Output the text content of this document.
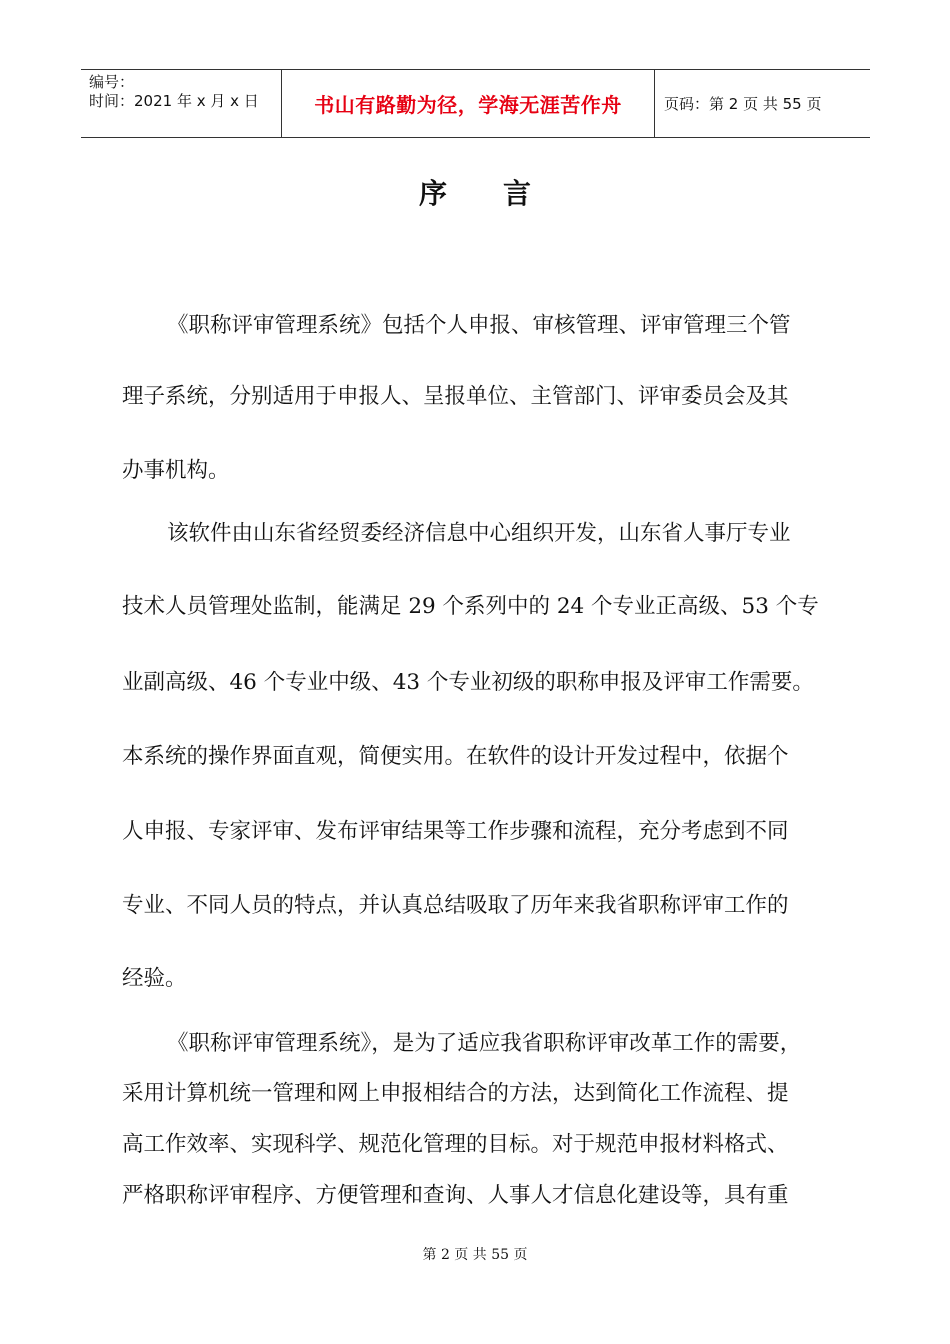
编号：
时间：2021 年 x 月 x 日	书山有路勤为径，学海无涯苦作舟	页码：第 2 页 共 55 页
序言
《职称评审管理系统》包括个人申报、审核管理、评审管理三个管
理子系统，分别适用于申报人、呈报单位、主管部门、评审委员会及其
办事机构。
该软件由山东省经贸委经济信息中心组织开发，山东省人事厅专业
技术人员管理处监制，能满足 29 个系列中的 24 个专业正高级、53 个专
业副高级、46 个专业中级、43 个专业初级的职称申报及评审工作需要。
本系统的操作界面直观，简便实用。在软件的设计开发过程中，依据个
人申报、专家评审、发布评审结果等工作步骤和流程，充分考虑到不同
专业、不同人员的特点，并认真总结吸取了历年来我省职称评审工作的
经验。
《职称评审管理系统》，是为了适应我省职称评审改革工作的需要，
采用计算机统一管理和网上申报相结合的方法，达到简化工作流程、提
高工作效率、实现科学、规范化管理的目标。对于规范申报材料格式、
严格职称评审程序、方便管理和查询、人事人才信息化建设等，具有重
第 2 页 共 55 页
